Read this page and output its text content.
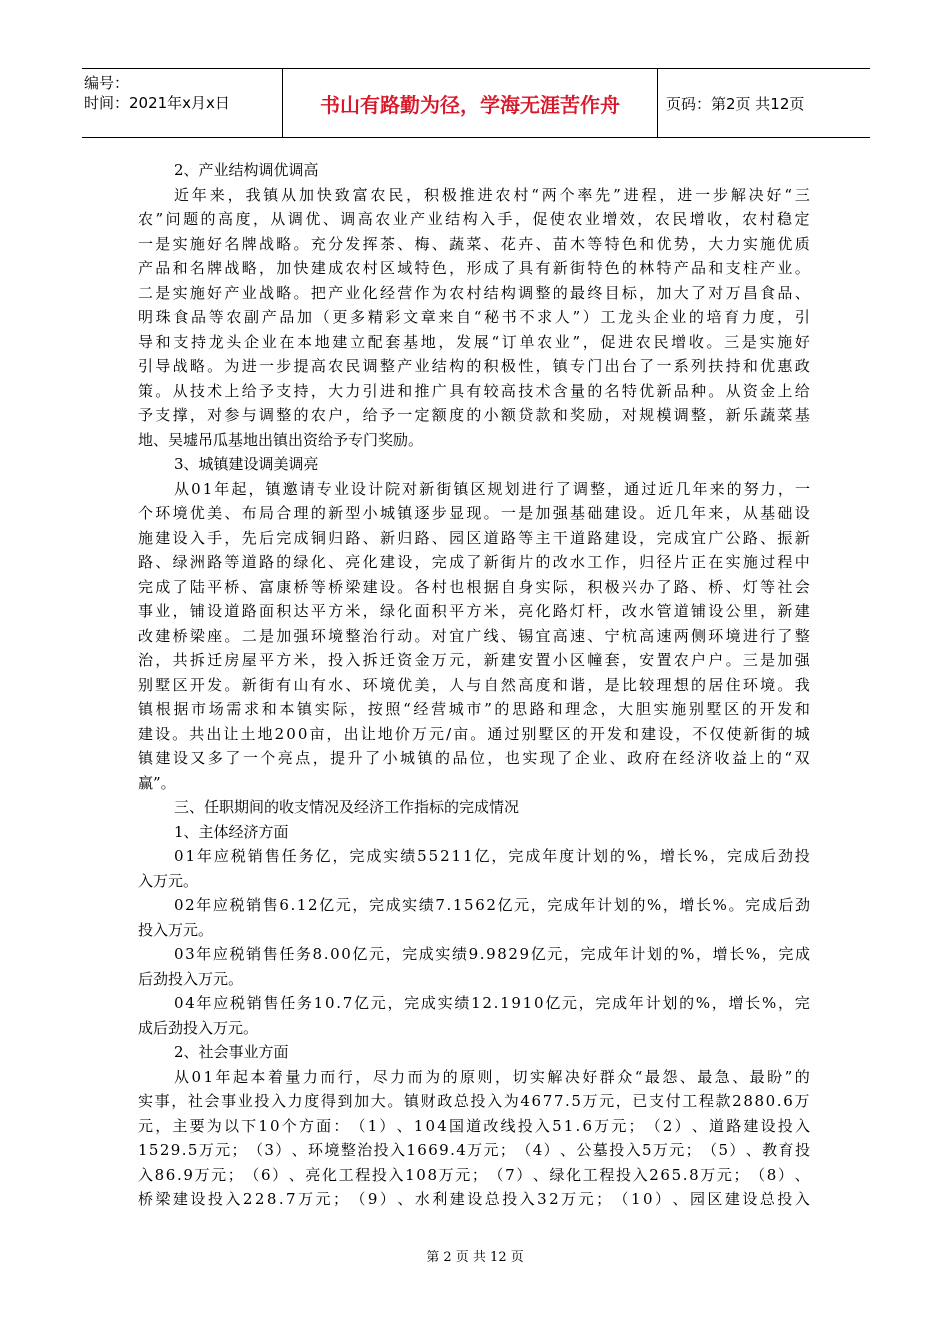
编号：
时间：2021年x月x日	书山有路勤为径，学海无涯苦作舟	页码：第2页 共12页
2、产业结构调优调高
近 年 来 ， 我 镇 从 加 快 致 富 农 民 ， 积 极 推 进 农 村 “ 两 个 率 先 ” 进 程 ， 进 一 步 解 决 好 “ 三
农 ” 问 题 的 高 度 ， 从 调 优 、 调 高 农 业 产 业 结 构 入 手 ， 促 使 农 业 增 效 ， 农 民 增 收 ， 农 村 稳 定
一 是 实 施 好 名 牌 战 略 。 充 分 发 挥 茶 、 梅 、 蔬 菜 、 花 卉 、 苗 木 等 特 色 和 优 势 ， 大 力 实 施 优 质
产 品 和 名 牌 战 略 ， 加 快 建 成 农 村 区 域 特 色 ， 形 成 了 具 有 新 街 特 色 的 林 特 产 品 和 支 柱 产 业 。
二 是 实 施 好 产 业 战 略 。 把 产 业 化 经 营 作 为 农 村 结 构 调 整 的 最 终 目 标 ， 加 大 了 对 万 昌 食 品 、
明 珠 食 品 等 农 副 产 品 加 （ 更 多 精 彩 文 章 来 自 “ 秘 书 不 求 人 ” ） 工 龙 头 企 业 的 培 育 力 度 ， 引
导 和 支 持 龙 头 企 业 在 本 地 建 立 配 套 基 地 ， 发 展 “ 订 单 农 业 ” ， 促 进 农 民 增 收 。 三 是 实 施 好
引 导 战 略 。 为 进 一 步 提 高 农 民 调 整 产 业 结 构 的 积 极 性 ， 镇 专 门 出 台 了 一 系 列 扶 持 和 优 惠 政
策 。 从 技 术 上 给 予 支 持 ， 大 力 引 进 和 推 广 具 有 较 高 技 术 含 量 的 名 特 优 新 品 种 。 从 资 金 上 给
予 支 撑 ， 对 参 与 调 整 的 农 户 ， 给 予 一 定 额 度 的 小 额 贷 款 和 奖 励 ， 对 规 模 调 整 ， 新 乐 蔬 菜 基
地、吴墟吊瓜基地出镇出资给予专门奖励。
3、城镇建设调美调亮
从 0 1 年 起 ， 镇 邀 请 专 业 设 计 院 对 新 街 镇 区 规 划 进 行 了 调 整 ， 通 过 近 几 年 来 的 努 力 ， 一
个 环 境 优 美 、 布 局 合 理 的 新 型 小 城 镇 逐 步 显 现 。 一 是 加 强 基 础 建 设 。 近 几 年 来 ， 从 基 础 设
施 建 设 入 手 ， 先 后 完 成 铜 归 路 、 新 归 路 、 园 区 道 路 等 主 干 道 路 建 设 ， 完 成 宜 广 公 路 、 振 新
路 、 绿 洲 路 等 道 路 的 绿 化 、 亮 化 建 设 ， 完 成 了 新 街 片 的 改 水 工 作 ， 归 径 片 正 在 实 施 过 程 中
完 成 了 陆 平 桥 、 富 康 桥 等 桥 梁 建 设 。 各 村 也 根 据 自 身 实 际 ， 积 极 兴 办 了 路 、 桥 、 灯 等 社 会
事 业 ， 铺 设 道 路 面 积 达 平 方 米 ， 绿 化 面 积 平 方 米 ， 亮 化 路 灯 杆 ， 改 水 管 道 铺 设 公 里 ， 新 建
改 建 桥 梁 座 。 二 是 加 强 环 境 整 治 行 动 。 对 宜 广 线 、 锡 宜 高 速 、 宁 杭 高 速 两 侧 环 境 进 行 了 整
治 ， 共 拆 迁 房 屋 平 方 米 ， 投 入 拆 迁 资 金 万 元 ， 新 建 安 置 小 区 幢 套 ， 安 置 农 户 户 。 三 是 加 强
别 墅 区 开 发 。 新 街 有 山 有 水 、 环 境 优 美 ， 人 与 自 然 高 度 和 谐 ， 是 比 较 理 想 的 居 住 环 境 。 我
镇 根 据 市 场 需 求 和 本 镇 实 际 ， 按 照 “ 经 营 城 市 ” 的 思 路 和 理 念 ， 大 胆 实 施 别 墅 区 的 开 发 和
建 设 。 共 出 让 土 地 2 0 0 亩 ， 出 让 地 价 万 元 / 亩 。 通 过 别 墅 区 的 开 发 和 建 设 ， 不 仅 使 新 街 的 城
镇 建 设 又 多 了 一 个 亮 点 ， 提 升 了 小 城 镇 的 品 位 ， 也 实 现 了 企 业 、 政 府 在 经 济 收 益 上 的 “ 双
赢”。
三、任职期间的收支情况及经济工作指标的完成情况
1、主体经济方面
0 1 年 应 税 销 售 任 务 亿 ， 完 成 实 绩 5 5 2 1 1 亿 ， 完 成 年 度 计 划 的 % ， 增 长 % ， 完 成 后 劲 投
入万元。
0 2 年 应 税 销 售 6 . 1 2 亿 元 ， 完 成 实 绩 7 . 1 5 6 2 亿 元 ， 完 成 年 计 划 的 % ， 增 长 % 。 完 成 后 劲
投入万元。
0 3 年 应 税 销 售 任 务 8 . 0 0 亿 元 ， 完 成 实 绩 9 . 9 8 2 9 亿 元 ， 完 成 年 计 划 的 % ， 增 长 % ， 完 成
后劲投入万元。
0 4 年 应 税 销 售 任 务 1 0 . 7 亿 元 ， 完 成 实 绩 1 2 . 1 9 1 0 亿 元 ， 完 成 年 计 划 的 % ， 增 长 % ， 完
成后劲投入万元。
2、社会事业方面
从 0 1 年 起 本 着 量 力 而 行 ， 尽 力 而 为 的 原 则 ， 切 实 解 决 好 群 众 “ 最 怨 、 最 急 、 最 盼 ” 的
实 事 ， 社 会 事 业 投 入 力 度 得 到 加 大 。 镇 财 政 总 投 入 为 4 6 7 7 . 5 万 元 ， 已 支 付 工 程 款 2 8 8 0 . 6 万
元 ， 主 要 为 以 下 1 0 个 方 面 ： （ 1 ） 、 1 0 4 国 道 改 线 投 入 5 1 . 6 万 元 ； （ 2 ） 、 道 路 建 设 投 入
1 5 2 9 . 5 万 元 ； （ 3 ） 、 环 境 整 治 投 入 1 6 6 9 . 4 万 元 ； （ 4 ） 、 公 墓 投 入 5 万 元 ； （ 5 ） 、 教 育 投
入 8 6 . 9 万 元 ； （ 6 ） 、 亮 化 工 程 投 入 1 0 8 万 元 ； （ 7 ） 、 绿 化 工 程 投 入 2 6 5 . 8 万 元 ； （ 8 ） 、
桥 梁 建 设 投 入 2 2 8 . 7 万 元 ； （ 9 ） 、 水 利 建 设 总 投 入 3 2 万 元 ； （ 1 0 ） 、 园 区 建 设 总 投 入
第 2 页 共 12 页
